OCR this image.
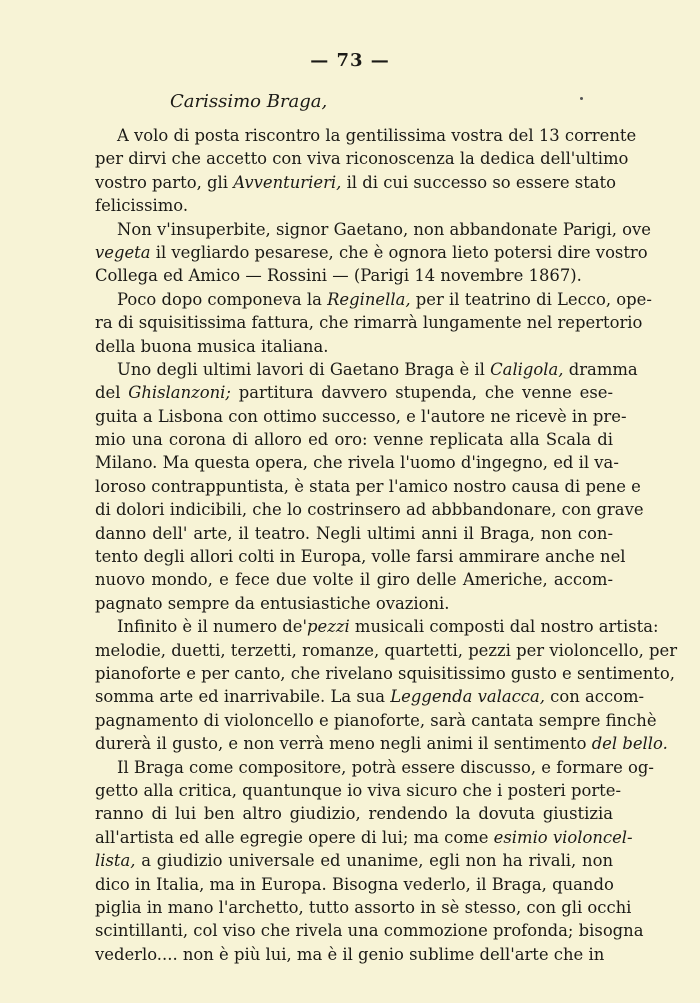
— 73 —
Carissimo Braga,
A volo di posta riscontro la gentilissima vostra del 13 corrente
per dirvi che accetto con viva riconoscenza la dedica dell'ultimo
vostro parto, gli Avventurieri, il di cui successo so essere stato
felicissimo.
Non v'insuperbite, signor Gaetano, non abbandonate Parigi, ove
vegeta il vegliardo pesarese, che è ognora lieto potersi dire vostro
Collega ed Amico — Rossini — (Parigi 14 novembre 1867).
Poco dopo componeva la Reginella, per il teatrino di Lecco, ope-
ra di squisitissima fattura, che rimarrà lungamente nel repertorio
della buona musica italiana.
Uno degli ultimi lavori di Gaetano Braga è il Caligola, dramma
del Ghislanzoni; partitura davvero stupenda, che venne ese-
guita a Lisbona con ottimo successo, e l'autore ne ricevè in pre-
mio una corona di alloro ed oro: venne replicata alla Scala di
Milano. Ma questa opera, che rivela l'uomo d'ingegno, ed il va-
loroso contrappuntista, è stata per l'amico nostro causa di pene e
di dolori indicibili, che lo costrinsero ad abbbandonare, con grave
danno dell' arte, il teatro. Negli ultimi anni il Braga, non con-
tento degli allori colti in Europa, volle farsi ammirare anche nel
nuovo mondo, e fece due volte il giro delle Americhe, accom-
pagnato sempre da entusiastiche ovazioni.
Infinito è il numero de'pezzi musicali composti dal nostro artista:
melodie, duetti, terzetti, romanze, quartetti, pezzi per violoncello, per
pianoforte e per canto, che rivelano squisitissimo gusto e sentimento,
somma arte ed inarrivabile. La sua Leggenda valacca, con accom-
pagnamento di violoncello e pianoforte, sarà cantata sempre finchè
durerà il gusto, e non verrà meno negli animi il sentimento del bello.
Il Braga come compositore, potrà essere discusso, e formare og-
getto alla critica, quantunque io viva sicuro che i posteri porte-
ranno di lui ben altro giudizio, rendendo la dovuta giustizia
all'artista ed alle egregie opere di lui; ma come esimio violoncel-
lista, a giudizio universale ed unanime, egli non ha rivali, non
dico in Italia, ma in Europa. Bisogna vederlo, il Braga, quando
piglia in mano l'archetto, tutto assorto in sè stesso, con gli occhi
scintillanti, col viso che rivela una commozione profonda; bisogna
vederlo.... non è più lui, ma è il genio sublime dell'arte che in
